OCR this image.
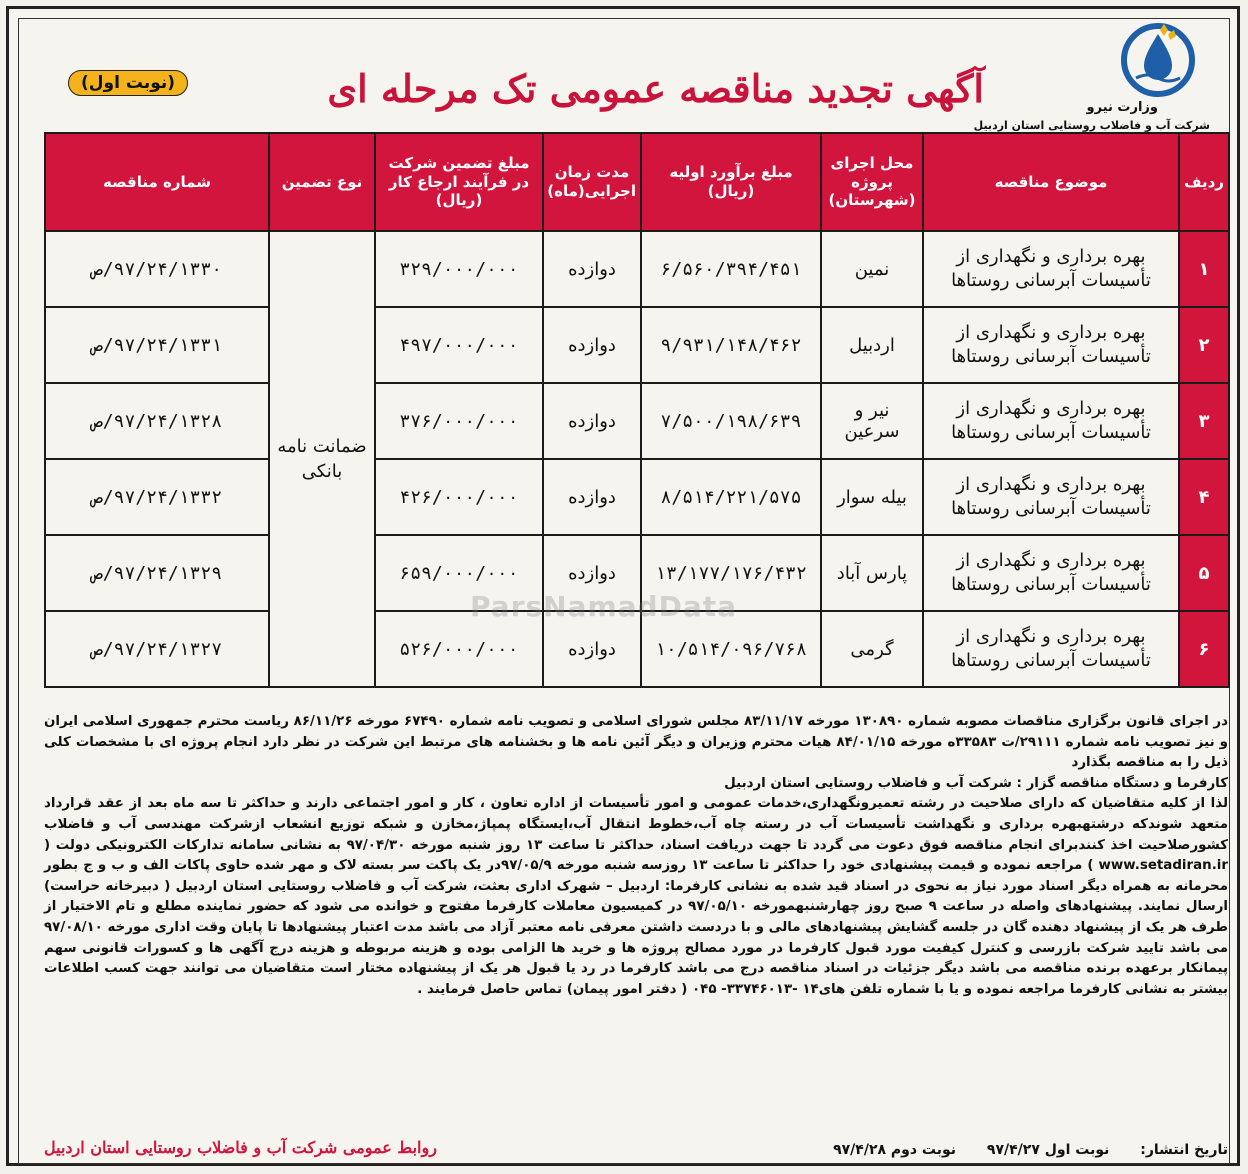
وزارت نیرو
شرکت آب و فاضلاب روستایی استان اردبیل
آگهی تجدید مناقصه عمومی تک مرحله ای
(نوبت اول)
ردیف	موضوع مناقصه	محل اجرای پروژه (شهرستان)	مبلغ برآورد اولیه (ریال)	مدت زمان اجرایی(ماه)	مبلغ تضمین شرکت در فرآیند ارجاع کار (ریال)	نوع تضمین	شماره مناقصه
۱	بهره برداری و نگهداری از تأسیسات آبرسانی روستاها	نمین	۶/۵۶۰/۳۹۴/۴۵۱	دوازده	۳۲۹/۰۰۰/۰۰۰	ضمانت نامه بانکی	۹۷/۲۴/۱۳۳۰/ص
۲	بهره برداری و نگهداری از تأسیسات آبرسانی روستاها	اردبیل	۹/۹۳۱/۱۴۸/۴۶۲	دوازده	۴۹۷/۰۰۰/۰۰۰		۹۷/۲۴/۱۳۳۱/ص
۳	بهره برداری و نگهداری از تأسیسات آبرسانی روستاها	نیر و سرعین	۷/۵۰۰/۱۹۸/۶۳۹	دوازده	۳۷۶/۰۰۰/۰۰۰		۹۷/۲۴/۱۳۲۸/ص
۴	بهره برداری و نگهداری از تأسیسات آبرسانی روستاها	بیله سوار	۸/۵۱۴/۲۲۱/۵۷۵	دوازده	۴۲۶/۰۰۰/۰۰۰		۹۷/۲۴/۱۳۳۲/ص
۵	بهره برداری و نگهداری از تأسیسات آبرسانی روستاها	پارس آباد	۱۳/۱۷۷/۱۷۶/۴۳۲	دوازده	۶۵۹/۰۰۰/۰۰۰		۹۷/۲۴/۱۳۲۹/ص
۶	بهره برداری و نگهداری از تأسیسات آبرسانی روستاها	گرمی	۱۰/۵۱۴/۰۹۶/۷۶۸	دوازده	۵۲۶/۰۰۰/۰۰۰		۹۷/۲۴/۱۳۲۷/ص
ParsNamadData

در اجرای قانون برگزاری مناقصات مصوبه شماره ۱۳۰۸۹۰ مورخه ۸۳/۱۱/۱۷ مجلس شورای اسلامی و تصویب نامه شماره ۶۷۴۹۰ مورخه ۸۶/۱۱/۲۶ ریاست محترم جمهوری اسلامی ایران و نیز تصویب نامه شماره ۲۹۱۱۱/ت ۳۳۵۸۳ه مورخه ۸۴/۰۱/۱۵ هیات محترم وزیران و دیگر آئین نامه ها و بخشنامه های مرتبط این شرکت در نظر دارد انجام پروژه ای با مشخصات کلی ذیل را به مناقصه بگذارد

کارفرما و دستگاه مناقصه گزار : شرکت آب و فاضلاب روستایی استان اردبیل

لذا از کلیه متقاضیان که دارای صلاحیت در رشته تعمیرونگهداری،خدمات عمومی و امور تأسیسات از اداره تعاون ، کار و امور اجتماعی دارند و حداکثر تا سه ماه بعد از عقد قرارداد متعهد شوندکه درشتهبهره برداری و نگهداشت تأسیسات آب در رسته چاه آب،خطوط انتقال آب،ایستگاه پمپاژ،مخازن و شبکه توزیع انشعاب ازشرکت مهندسی آب و فاضلاب کشورصلاحیت اخذ کنندبرای انجام مناقصه فوق دعوت می گردد تا جهت دریافت اسناد، حداکثر تا ساعت ۱۳ روز شنبه مورخه ۹۷/۰۴/۳۰ به نشانی سامانه تدارکات الکترونیکی دولت ( www.setadiran.ir ) مراجعه نموده و قیمت پیشنهادی خود را حداکثر تا ساعت ۱۳ روزسه شنبه مورخه ۹۷/۰۵/۹در یک پاکت سر بسته لاک و مهر شده حاوی پاکات الف و ب و ج بطور محرمانه به همراه دیگر اسناد مورد نیاز به نحوی در اسناد قید شده به نشانی کارفرما: اردبیل – شهرک اداری بعثت، شرکت آب و فاضلاب روستایی استان اردبیل ( دبیرخانه حراست) ارسال نمایند. پیشنهادهای واصله در ساعت ۹ صبح روز چهارشنبهمورخه ۹۷/۰۵/۱۰ در کمیسیون معاملات کارفرما مفتوح و خوانده می شود که حضور نماینده مطلع و تام الاختیار از طرف هر یک از پیشنهاد دهنده گان در جلسه گشایش پیشنهادهای مالی و با دردست داشتن معرفی نامه معتبر آزاد می باشد مدت اعتبار پیشنهادها تا پایان وقت اداری مورخه ۹۷/۰۸/۱۰ می باشد تایید شرکت بازرسی و کنترل کیفیت مورد قبول کارفرما در مورد مصالح پروژه ها و خرید ها الزامی بوده و هزینه مربوطه و هزینه درج آگهی ها و کسورات قانونی سهم پیمانکار برعهده برنده مناقصه می باشد دیگر جزئیات در اسناد مناقصه درج می باشد کارفرما در رد یا قبول هر یک از پیشنهاده مختار است متقاضیان می توانند جهت کسب اطلاعات بیشتر به نشانی کارفرما مراجعه نموده و یا با شماره تلفن های۱۴ -۳۳۷۴۶۰۱۳- ۰۴۵ ( دفتر امور پیمان) تماس حاصل فرمایند .

تاریخ انتشار: نوبت اول ۹۷/۴/۲۷ نوبت دوم ۹۷/۴/۲۸
روابط عمومی شرکت آب و فاضلاب روستایی استان اردبیل
